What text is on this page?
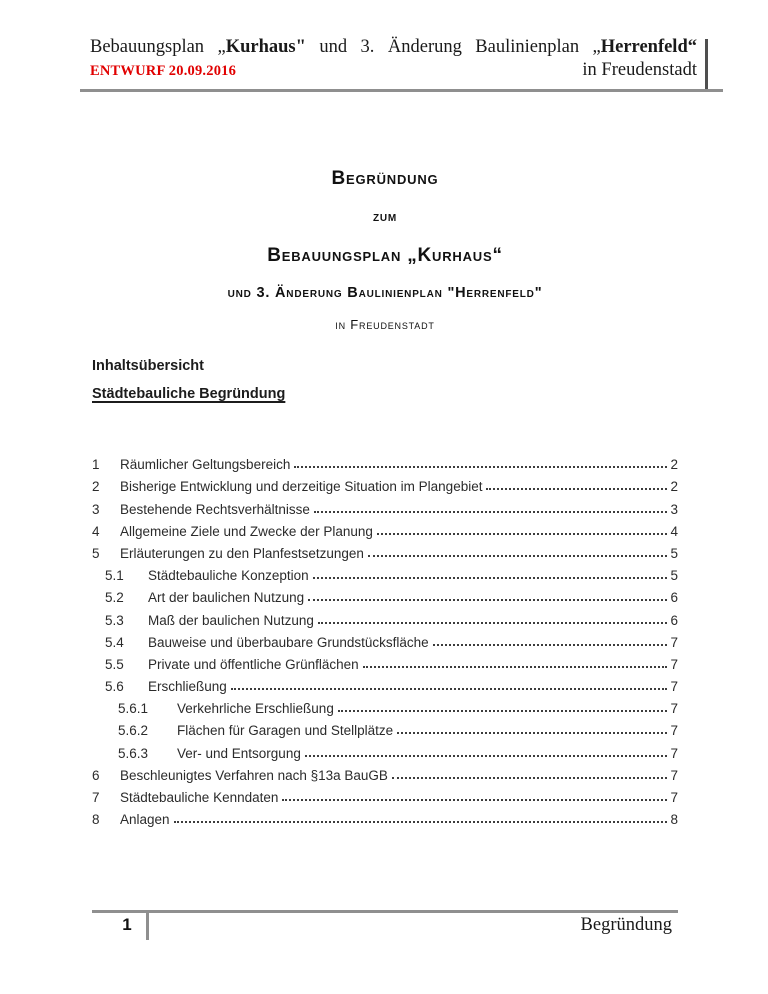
Bebauungsplan „Kurhaus" und 3. Änderung Baulinienplan „Herrenfeld“
ENTWURF 20.09.2016	in Freudenstadt
Begründung
zum
Bebauungsplan „Kurhaus“
und 3. Änderung Baulinienplan "Herrenfeld"
in Freudenstadt
Inhaltsübersicht
Städtebauliche Begründung
1	Räumlicher Geltungsbereich	2
2	Bisherige Entwicklung und derzeitige Situation im Plangebiet	2
3	Bestehende Rechtsverhältnisse	3
4	Allgemeine Ziele und Zwecke der Planung	4
5	Erläuterungen zu den Planfestsetzungen	5
5.1	Städtebauliche Konzeption	5
5.2	Art der baulichen Nutzung	6
5.3	Maß der baulichen Nutzung	6
5.4	Bauweise und überbaubare Grundstücksfläche	7
5.5	Private und öffentliche Grünflächen	7
5.6	Erschließung	7
5.6.1	Verkehrliche Erschließung	7
5.6.2	Flächen für Garagen und Stellplätze	7
5.6.3	Ver- und Entsorgung	7
6	Beschleunigtes Verfahren nach §13a BauGB	7
7	Städtebauliche Kenndaten	7
8	Anlagen	8
1	Begründung
